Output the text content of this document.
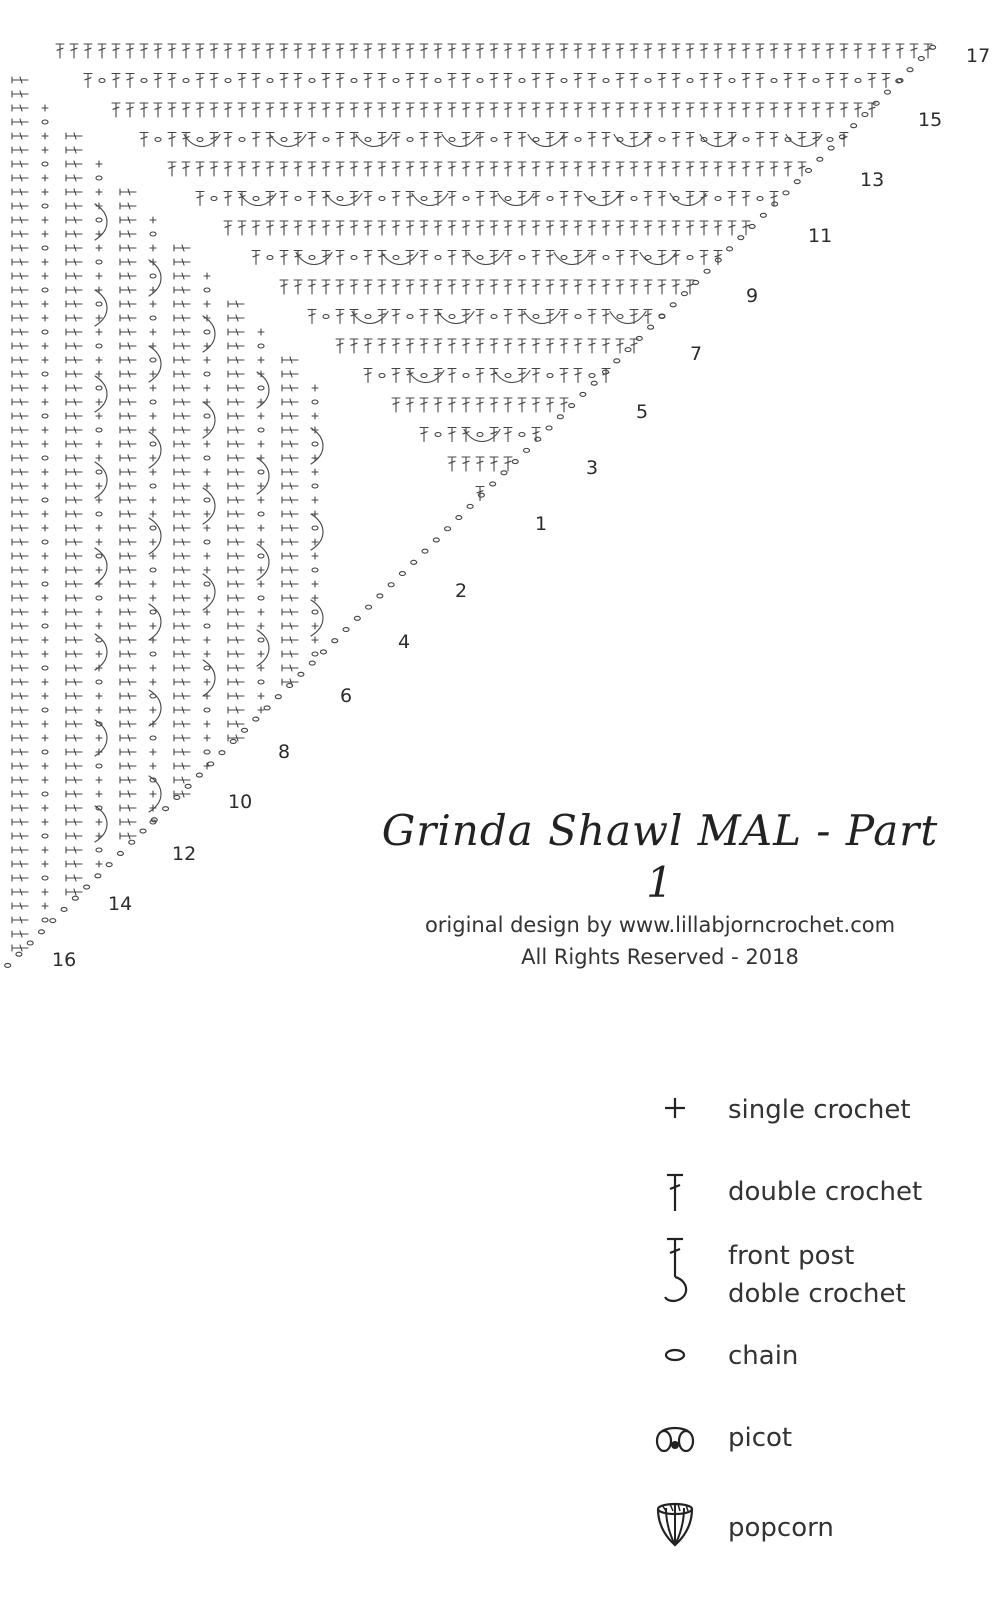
1
3
5
7
9
11
13
15
17
2
4
6
8
10
12
14
16
Grinda Shawl MAL - Part 1
original design by www.lillabjorncrochet.com
All Rights Reserved - 2018
single crochet
double crochet
front post
doble crochet
chain
picot
popcorn
